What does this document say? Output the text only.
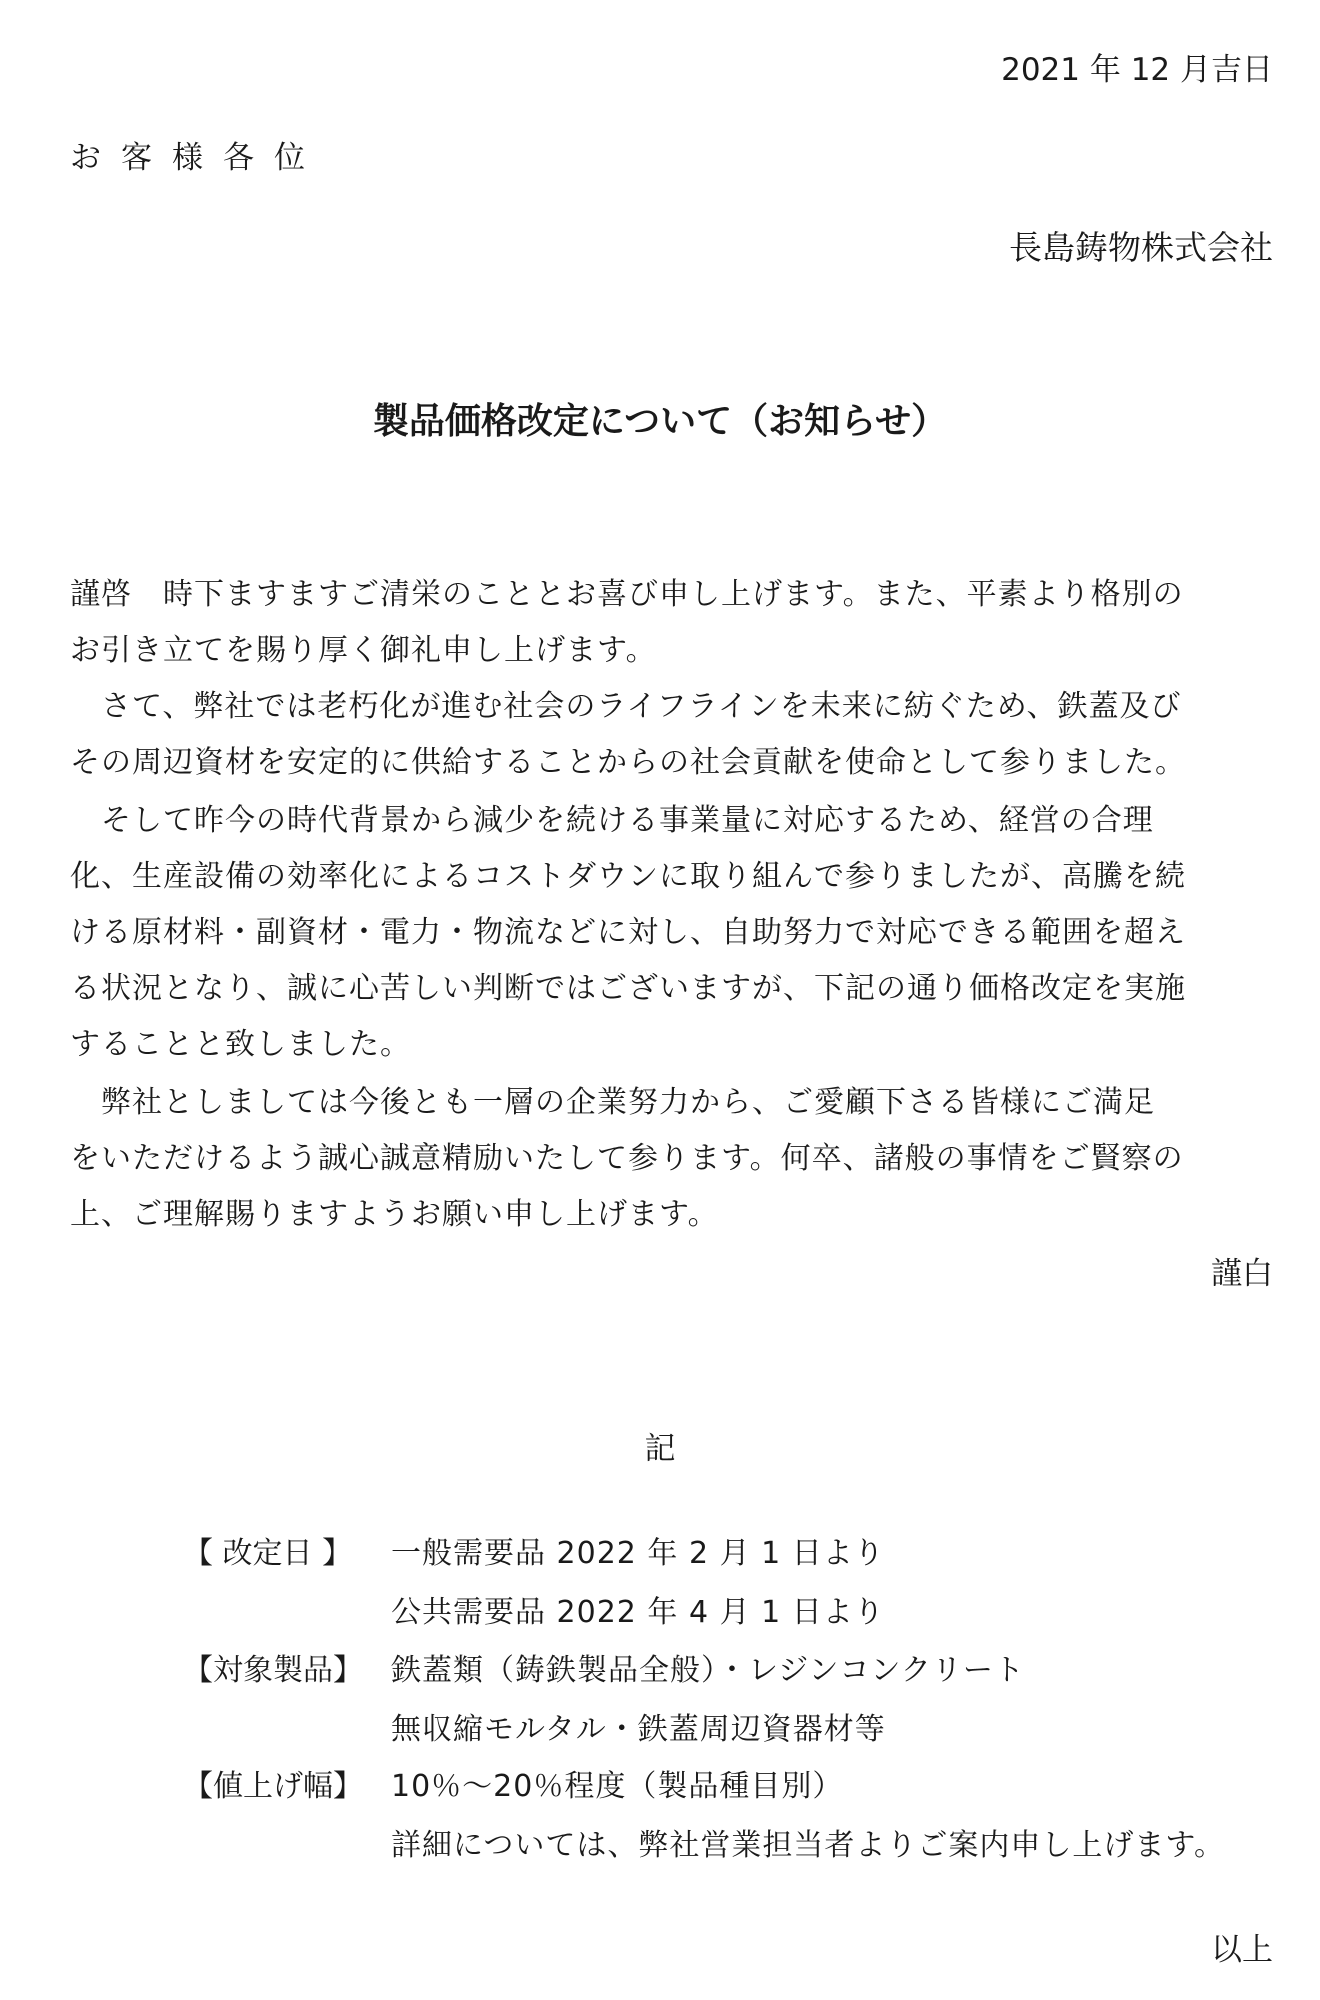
2021 年 12 月吉日
お客様各位
長島鋳物株式会社
製品価格改定について（お知らせ）
謹啓　時下ますますご清栄のこととお喜び申し上げます。また、平素より格別の
お引き立てを賜り厚く御礼申し上げます。
　さて、弊社では老朽化が進む社会のライフラインを未来に紡ぐため、鉄蓋及び
その周辺資材を安定的に供給することからの社会貢献を使命として参りました。
　そして昨今の時代背景から減少を続ける事業量に対応するため、経営の合理
化、生産設備の効率化によるコストダウンに取り組んで参りましたが、高騰を続
ける原材料・副資材・電力・物流などに対し、自助努力で対応できる範囲を超え
る状況となり、誠に心苦しい判断ではございますが、下記の通り価格改定を実施
することと致しました。
　弊社としましては今後とも一層の企業努力から、ご愛顧下さる皆様にご満足
をいただけるよう誠心誠意精励いたして参ります。何卒、諸般の事情をご賢察の
上、ご理解賜りますようお願い申し上げます。
謹白
記
【 改定日 】 一般需要品 2022 年 2 月 1 日より
公共需要品 2022 年 4 月 1 日より
【対象製品】 鉄蓋類（鋳鉄製品全般）・レジンコンクリート
無収縮モルタル・鉄蓋周辺資器材等
【値上げ幅】 10％～20％程度（製品種目別）
詳細については、弊社営業担当者よりご案内申し上げます。
以上
